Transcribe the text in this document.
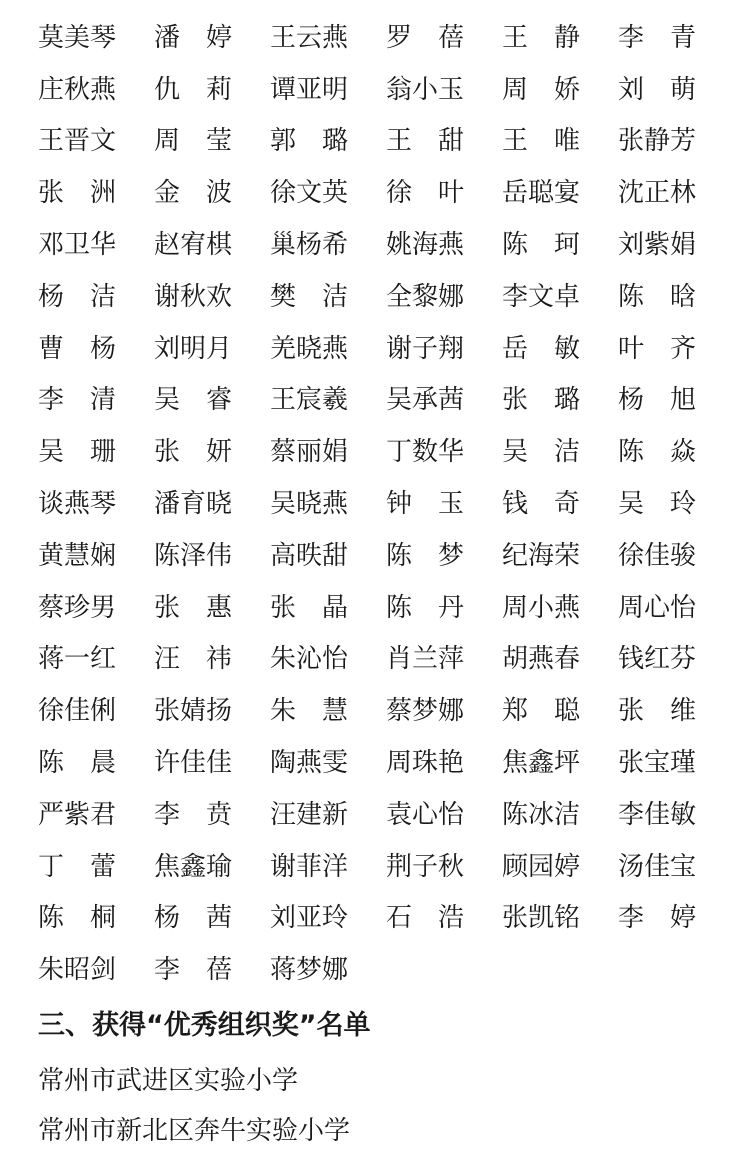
莫美琴	潘　婷	王云燕	罗　蓓	王　静	李　青
庄秋燕	仇　莉	谭亚明	翁小玉	周　娇	刘　萌
王晋文	周　莹	郭　璐	王　甜	王　唯	张静芳
张　洲	金　波	徐文英	徐　叶	岳聪宴	沈正林
邓卫华	赵宥棋	巢杨希	姚海燕	陈　珂	刘紫娟
杨　洁	谢秋欢	樊　洁	全黎娜	李文卓	陈　晗
曹　杨	刘明月	羌晓燕	谢子翔	岳　敏	叶　齐
李　清	吴　睿	王宸羲	吴承茜	张　璐	杨　旭
吴　珊	张　妍	蔡丽娟	丁数华	吴　洁	陈　焱
谈燕琴	潘育晓	吴晓燕	钟　玉	钱　奇	吴　玲
黄慧娴	陈泽伟	高昳甜	陈　梦	纪海荣	徐佳骏
蔡珍男	张　惠	张　晶	陈　丹	周小燕	周心怡
蒋一红	汪　祎	朱沁怡	肖兰萍	胡燕春	钱红芬
徐佳俐	张婧扬	朱　慧	蔡梦娜	郑　聪	张　维
陈　晨	许佳佳	陶燕雯	周珠艳	焦鑫坪	张宝瑾
严紫君	李　贲	汪建新	袁心怡	陈冰洁	李佳敏
丁　蕾	焦鑫瑜	谢菲洋	荆子秋	顾园婷	汤佳宝
陈　桐	杨　茜	刘亚玲	石　浩	张凯铭	李　婷
朱昭剑	李　蓓	蒋梦娜
三、获得“优秀组织奖”名单
常州市武进区实验小学
常州市新北区奔牛实验小学
